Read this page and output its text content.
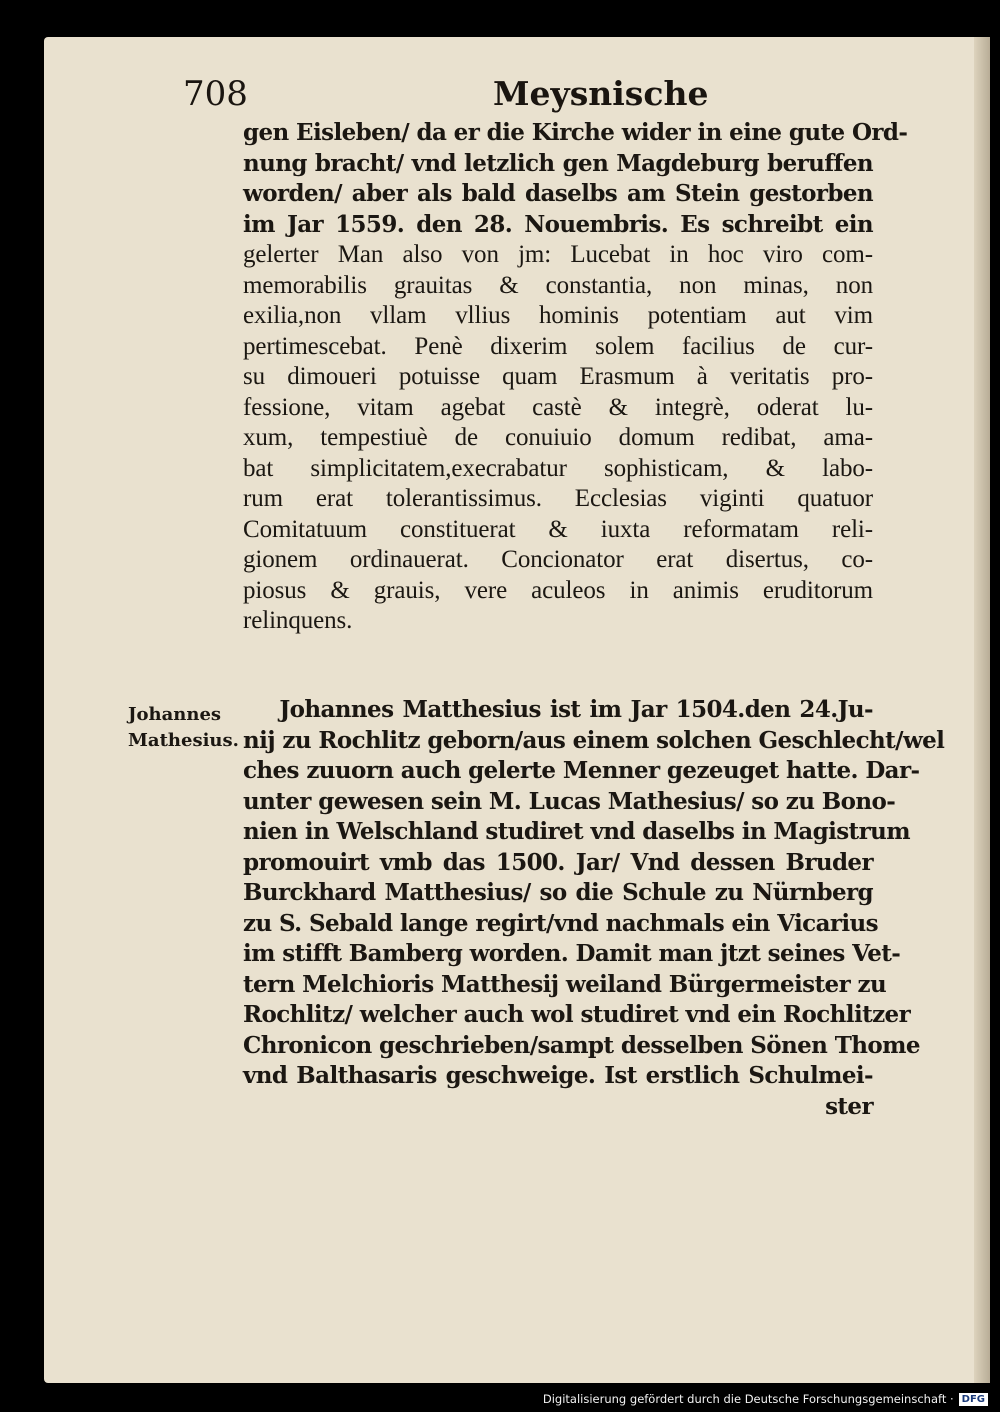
708	Meysnische
gen Eisleben/ da er die Kirche wider in eine gute Ord-
nung bracht/ vnd letzlich gen Magdeburg beruffen
worden/ aber als bald daselbs am Stein gestorben
im Jar 1559. den 28. Nouembris. Es schreibt ein
gelerter Man also von jm: Lucebat in hoc viro com-
memorabilis grauitas & constantia, non minas, non
exilia,non vllam vllius hominis potentiam aut vim
pertimescebat. Penè dixerim solem facilius de cur-
su dimoueri potuisse quam Erasmum à veritatis pro-
fessione, vitam agebat castè & integrè, oderat lu-
xum, tempestiuè de conuiuio domum redibat, ama-
bat simplicitatem,execrabatur sophisticam, & labo-
rum erat tolerantissimus. Ecclesias viginti quatuor
Comitatuum constituerat & iuxta reformatam reli-
gionem ordinauerat. Concionator erat disertus, co-
piosus & grauis, vere aculeos in animis eruditorum
relinquens.
Johannes
Mathesius.
Johannes Matthesius ist im Jar 1504.den 24.Ju-
nij zu Rochlitz geborn/aus einem solchen Geschlecht/wel
ches zuuorn auch gelerte Menner gezeuget hatte. Dar-
unter gewesen sein M. Lucas Mathesius/ so zu Bono-
nien in Welschland studiret vnd daselbs in Magistrum
promouirt vmb das 1500. Jar/ Vnd dessen Bruder
Burckhard Matthesius/ so die Schule zu Nürnberg
zu S. Sebald lange regirt/vnd nachmals ein Vicarius
im stifft Bamberg worden. Damit man jtzt seines Vet-
tern Melchioris Matthesij weiland Bürgermeister zu
Rochlitz/ welcher auch wol studiret vnd ein Rochlitzer
Chronicon geschrieben/sampt desselben Sönen Thome
vnd Balthasaris geschweige. Ist erstlich Schulmei-
ster
Digitalisierung gefördert durch die Deutsche Forschungsgemeinschaft · DFG
